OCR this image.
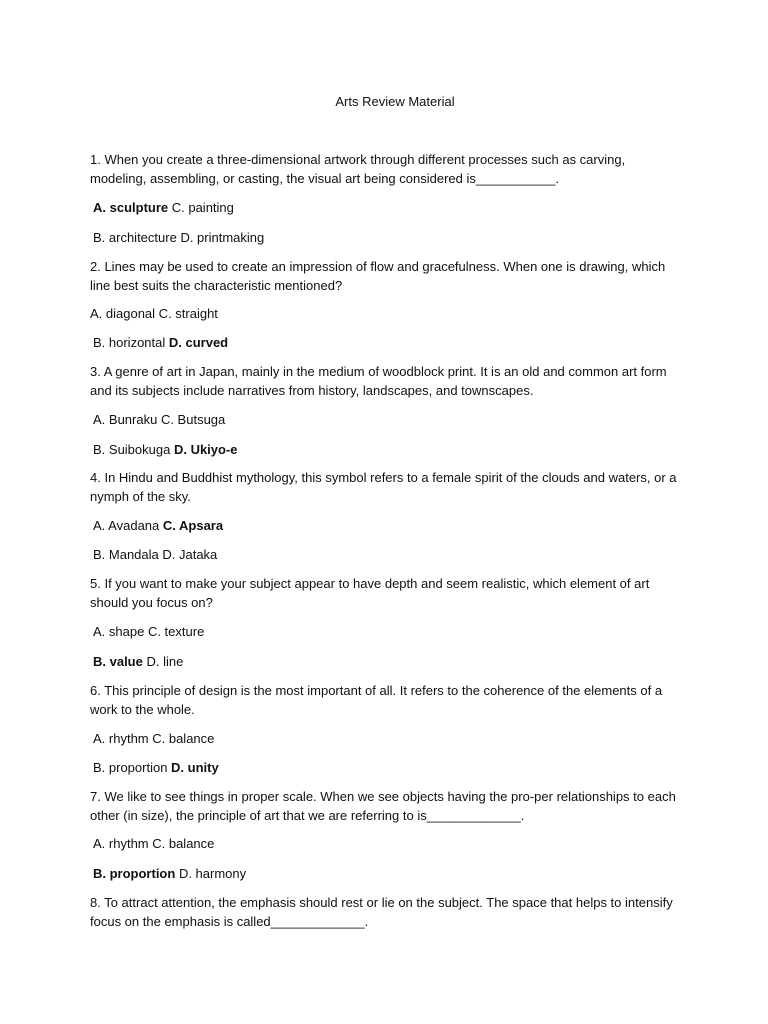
Arts Review Material

1. When you create a three-dimensional artwork through different processes such as carving, modeling, assembling, or casting, the visual art being considered is___________.

A. sculpture C. painting
B. architecture D. printmaking

2. Lines may be used to create an impression of flow and gracefulness. When one is drawing, which line best suits the characteristic mentioned?

A. diagonal C. straight
B. horizontal D. curved

3. A genre of art in Japan, mainly in the medium of woodblock print. It is an old and common art form and its subjects include narratives from history, landscapes, and townscapes.

A. Bunraku C. Butsuga
B. Suibokuga D. Ukiyo-e

4. In Hindu and Buddhist mythology, this symbol refers to a female spirit of the clouds and waters, or a nymph of the sky.

A. Avadana C. Apsara
B. Mandala D. Jataka

5. If you want to make your subject appear to have depth and seem realistic, which element of art should you focus on?

A. shape C. texture
B. value D. line

6. This principle of design is the most important of all. It refers to the coherence of the elements of a work to the whole.

A. rhythm C. balance
B. proportion D. unity

7. We like to see things in proper scale. When we see objects having the pro-per relationships to each other (in size), the principle of art that we are referring to is_____________.

A. rhythm C. balance
B. proportion D. harmony

8. To attract attention, the emphasis should rest or lie on the subject. The space that helps to intensify focus on the emphasis is called_____________.
